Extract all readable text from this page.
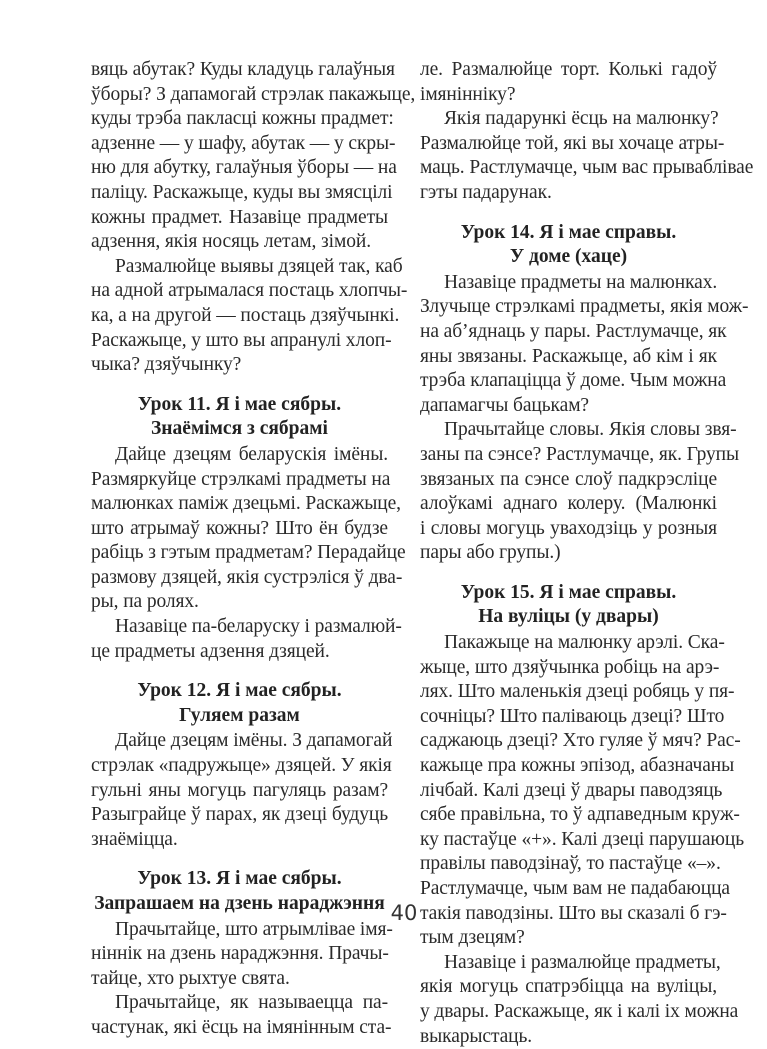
вяць абутак? Куды кладуць галаўныя
ўборы? З дапамогай стрэлак пакажыце,
куды трэба пакласці кожны прадмет:
адзенне — у шафу, абутак — у скры-
ню для абутку, галаўныя ўборы — на
паліцу. Раскажыце, куды вы змясцілі
кожны прадмет. Назавіце прадметы
адзення, якія носяць летам, зімой.
Размалюйце выявы дзяцей так, каб
на адной атрымалася постаць хлопчы-
ка, а на другой — постаць дзяўчынкі.
Раскажыце, у што вы апранулі хлоп-
чыка? дзяўчынку?
Урок 11. Я і мае сябры.
Знаёмімся з сябрамі
Дайце дзецям беларускія імёны.
Размяркуйце стрэлкамі прадметы на
малюнках паміж дзецьмі. Раскажыце,
што атрымаў кожны? Што ён будзе
рабіць з гэтым прадметам? Перадайце
размову дзяцей, якія сустрэліся ў два-
ры, па ролях.
Назавіце па-беларуску і размалюй-
це прадметы адзення дзяцей.
Урок 12. Я і мае сябры.
Гуляем разам
Дайце дзецям імёны. З дапамогай
стрэлак «падружыце» дзяцей. У якія
гульні яны могуць пагуляць разам?
Разыграйце ў парах, як дзеці будуць
знаёміцца.
Урок 13. Я і мае сябры.
Запрашаем на дзень нараджэння
Прачытайце, што атрымлівае імя-
ніннік на дзень нараджэння. Прачы-
тайце, хто рыхтуе свята.
Прачытайце, як называецца па-
частунак, які ёсць на імянінным ста-
ле. Размалюйце торт. Колькі гадоў
імяніннiку?
Якія падарункі ёсць на малюнку?
Размалюйце той, які вы хочаце атры-
маць. Растлумачце, чым вас прываблівае
гэты падарунак.
Урок 14. Я і мае справы.
У доме (хаце)
Назавіце прадметы на малюнках.
Злучыце стрэлкамі прадметы, якія мож-
на аб’яднаць у пары. Растлумачце, як
яны звязаны. Раскажыце, аб кім і як
трэба клапаціцца ў доме. Чым можна
дапамагчы бацькам?
Прачытайце словы. Якія словы звя-
заны па сэнсе? Растлумачце, як. Групы
звязаных па сэнсе слоў падкрэсліце
алоўкамі аднаго колеру. (Малюнкі
і словы могуць уваходзіць у розныя
пары або групы.)
Урок 15. Я і мае справы.
На вуліцы (у двары)
Пакажыце на малюнку арэлі. Ска-
жыце, што дзяўчынка робіць на арэ-
лях. Што маленькія дзеці робяць у пя-
сочніцы? Што паліваюць дзеці? Што
саджаюць дзеці? Хто гуляе ў мяч? Рас-
кажыце пра кожны эпізод, абазначаны
лічбай. Калі дзеці ў двары паводзяць
сябе правільна, то ў адпаведным круж-
ку пастаўце «+». Калі дзеці парушаюць
правілы паводзінаў, то пастаўце «–».
Растлумачце, чым вам не падабаюцца
такія паводзіны. Што вы сказалі б гэ-
тым дзецям?
Назавіце і размалюйце прадметы,
якія могуць спатрэбіцца на вуліцы,
у двары. Раскажыце, як і калі іх можна
выкарыстаць.
40
